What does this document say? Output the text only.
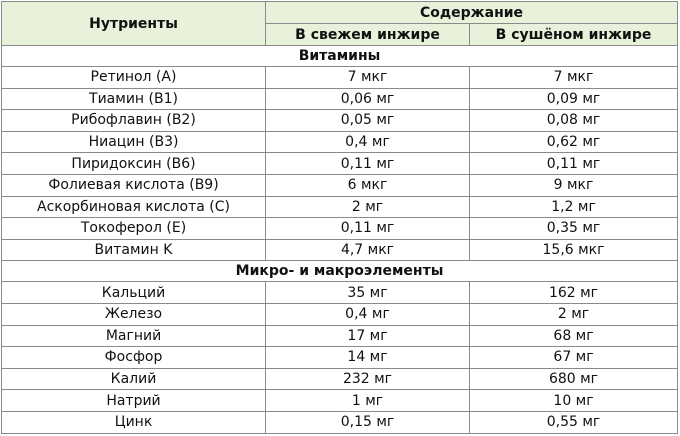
Нутриенты	Содержание	
	В свежем инжире	В сушёном инжире
Витамины		
Ретинол (A)	7 мкг	7 мкг
Тиамин (B1)	0,06 мг	0,09 мг
Рибофлавин (B2)	0,05 мг	0,08 мг
Ниацин (B3)	0,4 мг	0,62 мг
Пиридоксин (B6)	0,11 мг	0,11 мг
Фолиевая кислота (B9)	6 мкг	9 мкг
Аскорбиновая кислота (C)	2 мг	1,2 мг
Токоферол (E)	0,11 мг	0,35 мг
Витамин K	4,7 мкг	15,6 мкг
Микро- и макроэлементы		
Кальций	35 мг	162 мг
Железо	0,4 мг	2 мг
Магний	17 мг	68 мг
Фосфор	14 мг	67 мг
Калий	232 мг	680 мг
Натрий	1 мг	10 мг
Цинк	0,15 мг	0,55 мг
